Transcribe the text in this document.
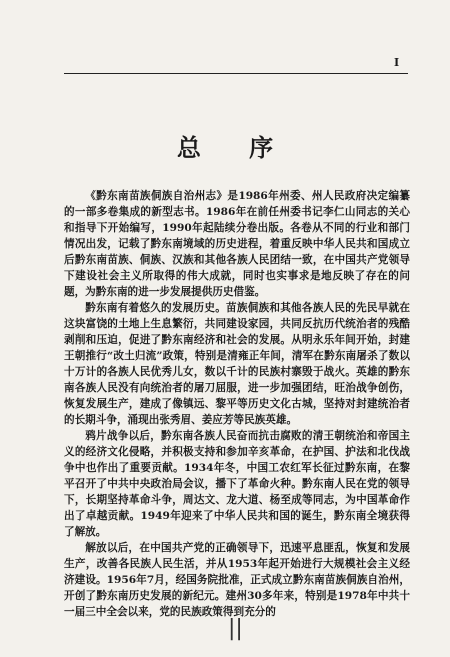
I
总 序

《黔东南苗族侗族自治州志》是1986年州委、州人民政府决定编纂的一部多卷集成的新型志书。1986年在前任州委书记李仁山同志的关心和指导下开始编写，1990年起陆续分卷出版。各卷从不同的行业和部门情况出发，记载了黔东南境域的历史进程，着重反映中华人民共和国成立后黔东南苗族、侗族、汉族和其他各族人民团结一致，在中国共产党领导下建设社会主义所取得的伟大成就，同时也实事求是地反映了存在的问题，为黔东南的进一步发展提供历史借鉴。

黔东南有着悠久的发展历史。苗族侗族和其他各族人民的先民早就在这块富饶的土地上生息繁衍，共同建设家园，共同反抗历代统治者的残酷剥削和压迫，促进了黔东南经济和社会的发展。从明永乐年间开始，封建王朝推行“改土归流”政策，特别是清雍正年间，清军在黔东南屠杀了数以十万计的各族人民优秀儿女，数以千计的民族村寨毁于战火。英雄的黔东南各族人民没有向统治者的屠刀屈服，进一步加强团结，旺治战争创伤，恢复发展生产，建成了像镇远、黎平等历史文化古城，坚持对封建统治者的长期斗争，涌现出张秀眉、姜应芳等民族英雄。

鸦片战争以后，黔东南各族人民奋而抗击腐败的清王朝统治和帝国主义的经济文化侵略，并积极支持和参加辛亥革命，在护国、护法和北伐战争中也作出了重要贡献。1934年冬，中国工农红军长征过黔东南，在黎平召开了中共中央政治局会议，播下了革命火种。黔东南人民在党的领导下，长期坚持革命斗争，周达文、龙大道、杨至成等同志，为中国革命作出了卓越贡献。1949年迎来了中华人民共和国的诞生，黔东南全境获得了解放。

解放以后，在中国共产党的正确领导下，迅速平息匪乱，恢复和发展生产，改善各民族人民生活，并从1953年起开始进行大规模社会主义经济建设。1956年7月，经国务院批准，正式成立黔东南苗族侗族自治州，开创了黔东南历史发展的新纪元。建州30多年来，特别是1978年中共十一届三中全会以来，党的民族政策得到充分的

||
